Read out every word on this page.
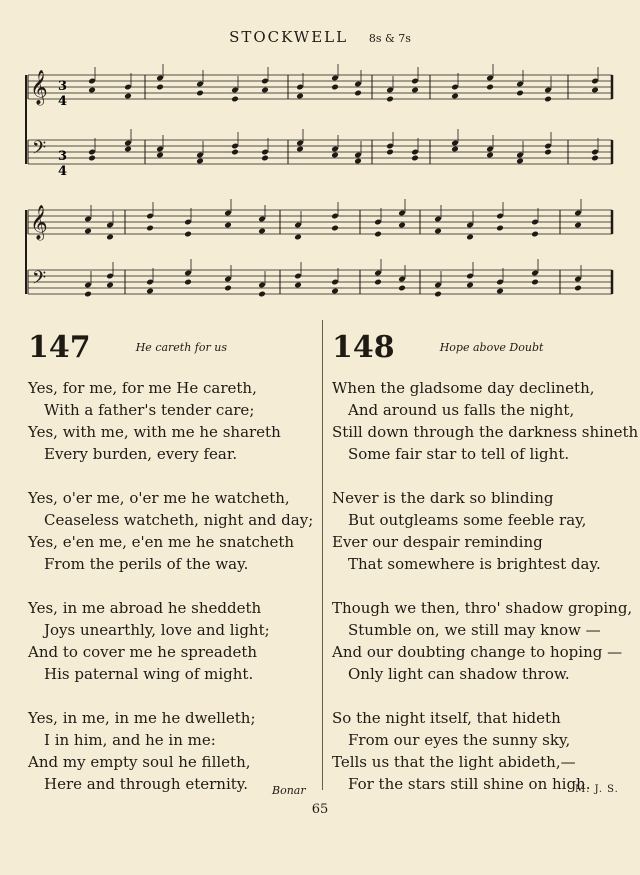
STOCKWELL 8s & 7s
𝄞
𝄞
𝄢
𝄢
3
4
3
4
147	He careth for us
Yes, for me, for me He careth,
With a father's tender care;
Yes, with me, with me he shareth
Every burden, every fear.
Yes, o'er me, o'er me he watcheth,
Ceaseless watcheth, night and day;
Yes, e'en me, e'en me he snatcheth
From the perils of the way.
Yes, in me abroad he sheddeth
Joys unearthly, love and light;
And to cover me he spreadeth
His paternal wing of might.
Yes, in me, in me he dwelleth;
I in him, and he in me:
And my empty soul he filleth,
Here and through eternity.
148	Hope above Doubt
When the gladsome day declineth,
And around us falls the night,
Still down through the darkness shineth
Some fair star to tell of light.
Never is the dark so blinding
But outgleams some feeble ray,
Ever our despair reminding
That somewhere is brightest day.
Though we then, thro' shadow groping,
Stumble on, we still may know —
And our doubting change to hoping —
Only light can shadow throw.
So the night itself, that hideth
From our eyes the sunny sky,
Tells us that the light abideth,—
For the stars still shine on high.
Bonar	M. J. S.
65
